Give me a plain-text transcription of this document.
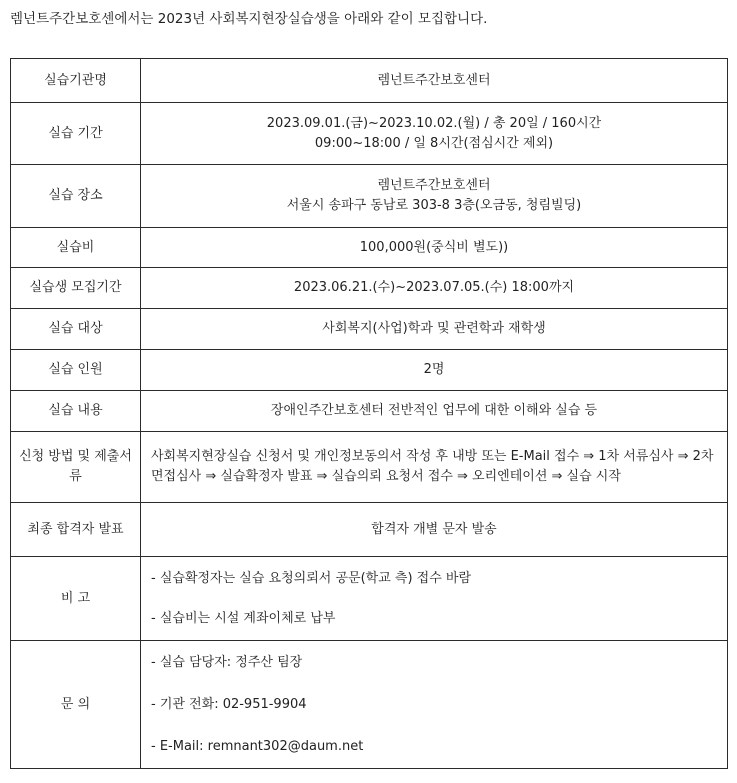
렘넌트주간보호센에서는 2023년 사회복지현장실습생을 아래와 같이 모집합니다.
실습기관명	렘넌트주간보호센터

실습 기간	2023.09.01.(금)~2023.10.02.(월) / 총 20일 / 160시간
09:00~18:00 / 일 8시간(점심시간 제외)

실습 장소	렘넌트주간보호센터
서울시 송파구 동남로 303-8 3층(오금동, 청림빌딩)

실습비	100,000원(중식비 별도))

실습생 모집기간	2023.06.21.(수)~2023.07.05.(수) 18:00까지

실습 대상	사회복지(사업)학과 및 관련학과 재학생

실습 인원	2명

실습 내용	장애인주간보호센터 전반적인 업무에 대한 이해와 실습 등

신청 방법 및 제출서류	사회복지현장실습 신청서 및 개인정보동의서 작성 후 내방 또는 E-Mail 접수 ⇒ 1차 서류심사 ⇒ 2차 면접심사 ⇒ 실습확정자 발표 ⇒ 실습의뢰 요청서 접수 ⇒ 오리엔테이션 ⇒ 실습 시작

최종 합격자 발표	합격자 개별 문자 발송

비 고	- 실습확정자는 실습 요청의뢰서 공문(학교 측) 접수 바람
- 실습비는 시설 계좌이체로 납부

문 의	- 실습 담당자: 정주산 팀장
- 기관 전화: 02-951-9904
- E-Mail: remnant302@daum.net
